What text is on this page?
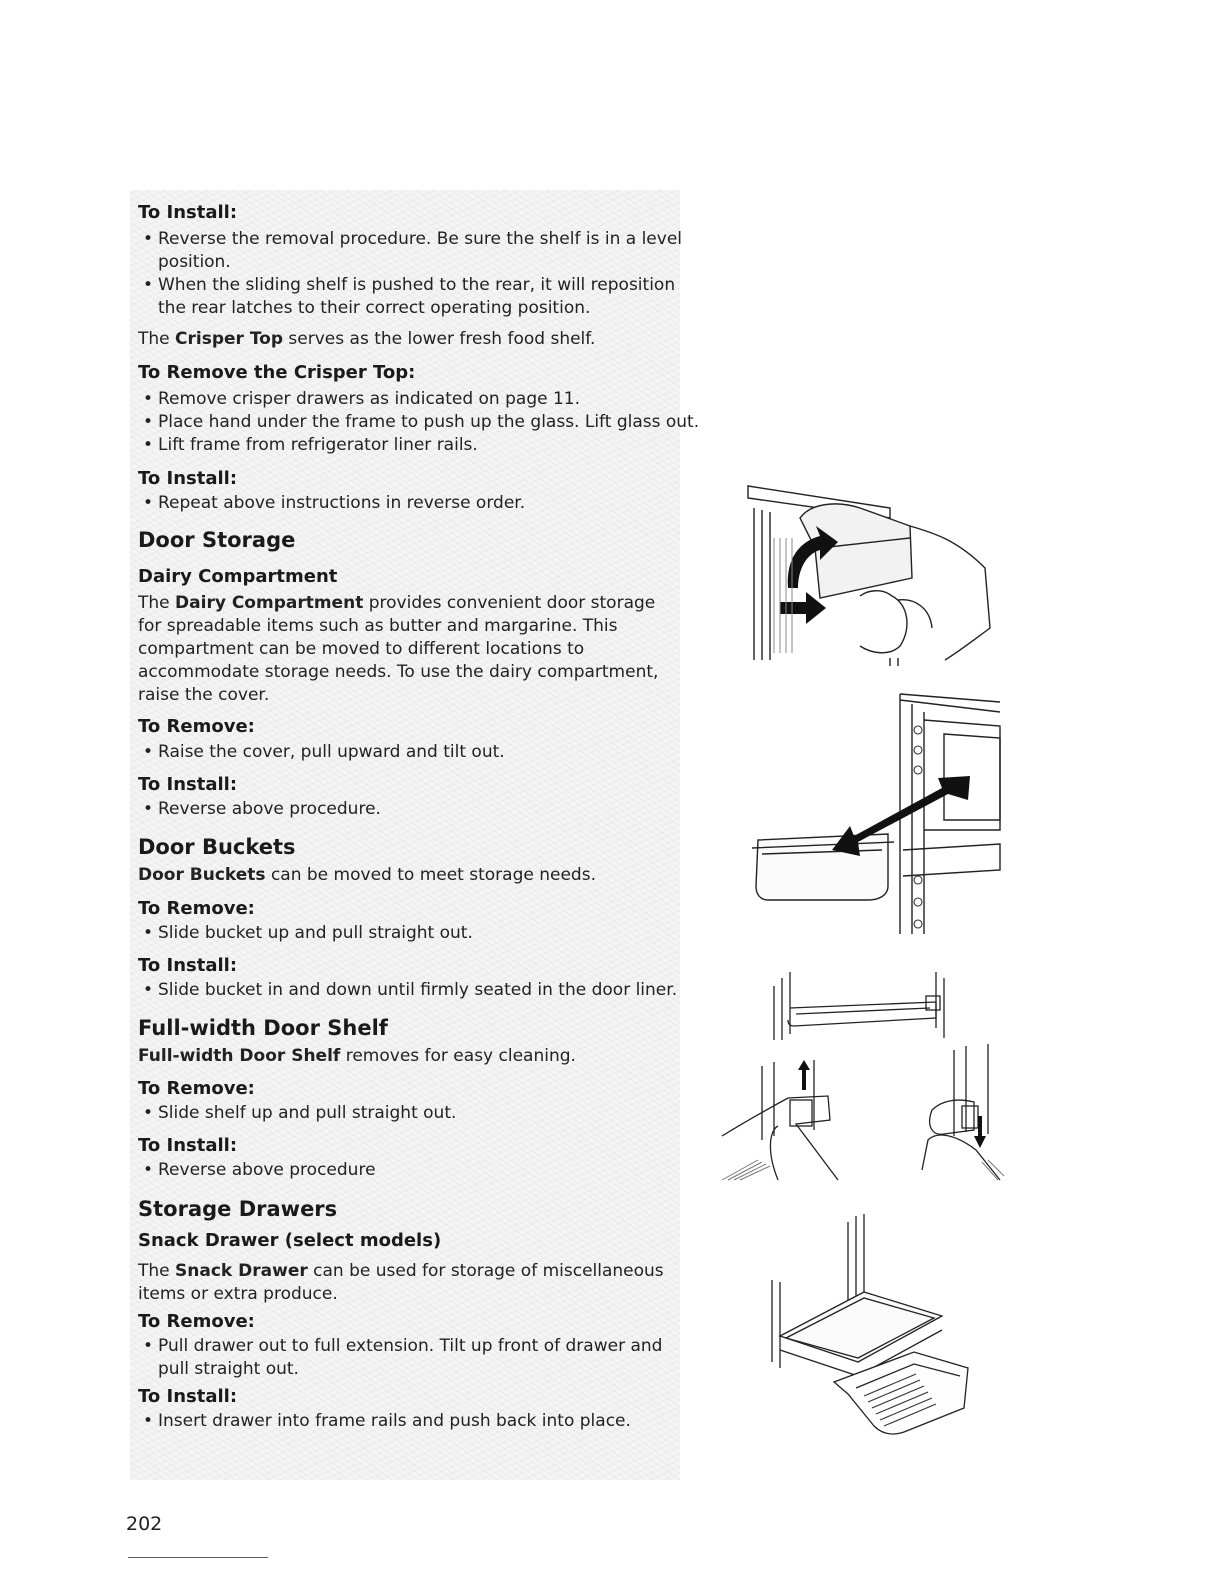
To Install:
• Reverse the removal procedure. Be sure the shelf is in a level
position.
• When the sliding shelf is pushed to the rear, it will reposition
the rear latches to their correct operating position.
The Crisper Top serves as the lower fresh food shelf.
To Remove the Crisper Top:
• Remove crisper drawers as indicated on page 11.
• Place hand under the frame to push up the glass. Lift glass out.
• Lift frame from refrigerator liner rails.
To Install:
• Repeat above instructions in reverse order.
Door Storage
Dairy Compartment
The Dairy Compartment provides convenient door storage
for spreadable items such as butter and margarine. This
compartment can be moved to different locations to
accommodate storage needs. To use the dairy compartment,
raise the cover.
To Remove:
• Raise the cover, pull upward and tilt out.
To Install:
• Reverse above procedure.
Door Buckets
Door Buckets can be moved to meet storage needs.
To Remove:
• Slide bucket up and pull straight out.
To Install:
• Slide bucket in and down until firmly seated in the door liner.
Full-width Door Shelf
Full-width Door Shelf removes for easy cleaning.
To Remove:
• Slide shelf up and pull straight out.
To Install:
• Reverse above procedure
Storage Drawers
Snack Drawer (select models)
The Snack Drawer can be used for storage of miscellaneous
items or extra produce.
To Remove:
• Pull drawer out to full extension. Tilt up front of drawer and
pull straight out.
To Install:
• Insert drawer into frame rails and push back into place.
202
